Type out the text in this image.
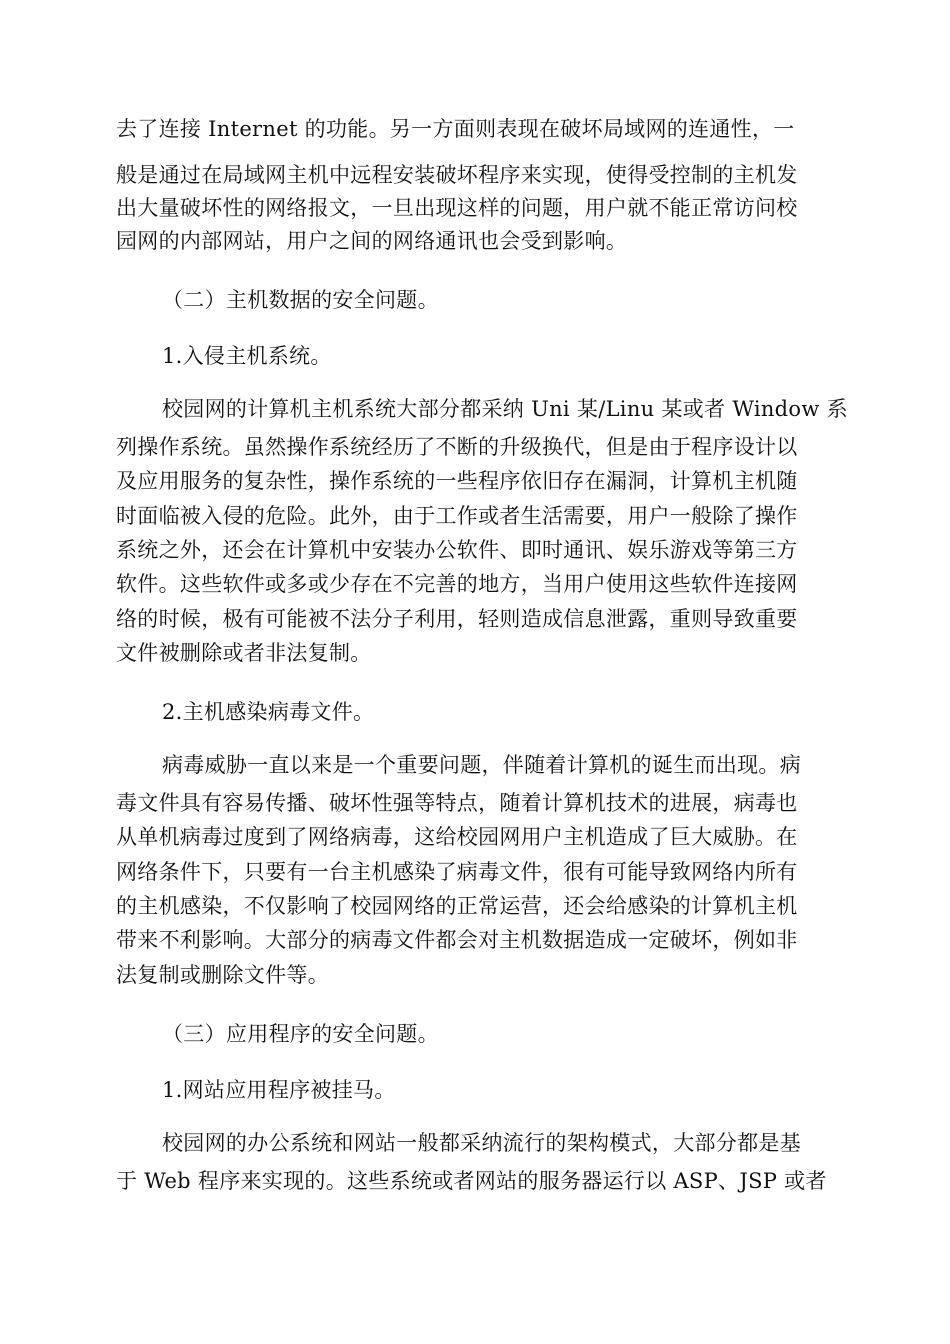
去了连接 Internet 的功能。另一方面则表现在破坏局域网的连通性，一
般是通过在局域网主机中远程安装破坏程序来实现，使得受控制的主机发
出大量破坏性的网络报文，一旦出现这样的问题，用户就不能正常访问校
园网的内部网站，用户之间的网络通讯也会受到影响。
（二）主机数据的安全问题。
1.入侵主机系统。
校园网的计算机主机系统大部分都采纳 Uni 某/Linu 某或者 Window 系
列操作系统。虽然操作系统经历了不断的升级换代，但是由于程序设计以
及应用服务的复杂性，操作系统的一些程序依旧存在漏洞，计算机主机随
时面临被入侵的危险。此外，由于工作或者生活需要，用户一般除了操作
系统之外，还会在计算机中安装办公软件、即时通讯、娱乐游戏等第三方
软件。这些软件或多或少存在不完善的地方，当用户使用这些软件连接网
络的时候，极有可能被不法分子利用，轻则造成信息泄露，重则导致重要
文件被删除或者非法复制。
2.主机感染病毒文件。
病毒威胁一直以来是一个重要问题，伴随着计算机的诞生而出现。病
毒文件具有容易传播、破坏性强等特点，随着计算机技术的进展，病毒也
从单机病毒过度到了网络病毒，这给校园网用户主机造成了巨大威胁。在
网络条件下，只要有一台主机感染了病毒文件，很有可能导致网络内所有
的主机感染，不仅影响了校园网络的正常运营，还会给感染的计算机主机
带来不利影响。大部分的病毒文件都会对主机数据造成一定破坏，例如非
法复制或删除文件等。
（三）应用程序的安全问题。
1.网站应用程序被挂马。
校园网的办公系统和网站一般都采纳流行的架构模式，大部分都是基
于 Web 程序来实现的。这些系统或者网站的服务器运行以 ASP、JSP 或者
